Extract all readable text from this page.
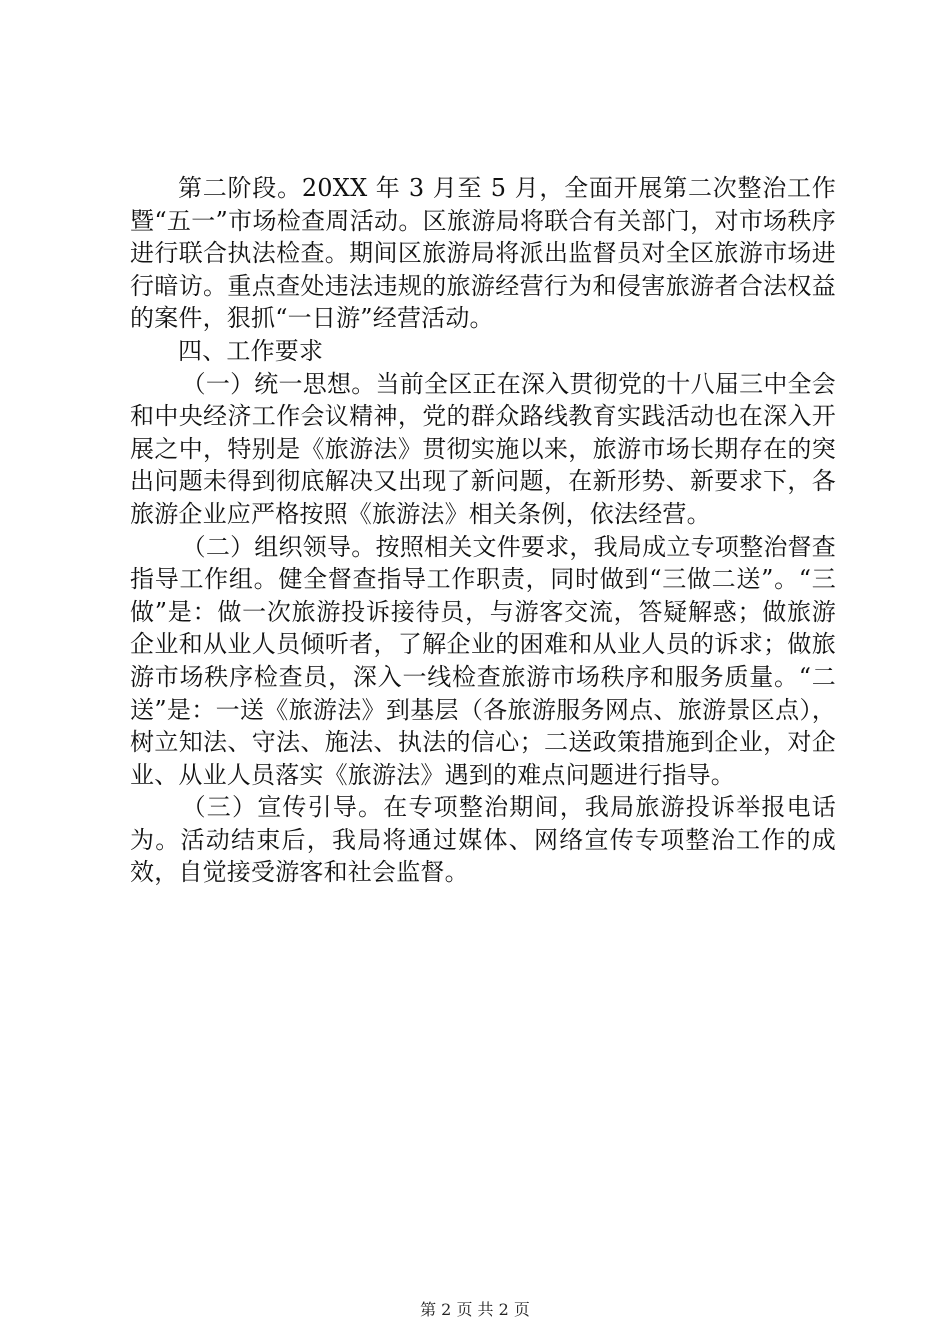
第二阶段。20XX 年 3 月至 5 月，全面开展第二次整治工作暨“五一”市场检查周活动。区旅游局将联合有关部门，对市场秩序进行联合执法检查。期间区旅游局将派出监督员对全区旅游市场进行暗访。重点查处违法违规的旅游经营行为和侵害旅游者合法权益的案件，狠抓“一日游”经营活动。

四、工作要求

（一）统一思想。当前全区正在深入贯彻党的十八届三中全会和中央经济工作会议精神，党的群众路线教育实践活动也在深入开展之中，特别是《旅游法》贯彻实施以来，旅游市场长期存在的突出问题未得到彻底解决又出现了新问题，在新形势、新要求下，各旅游企业应严格按照《旅游法》相关条例，依法经营。

（二）组织领导。按照相关文件要求，我局成立专项整治督查指导工作组。健全督查指导工作职责，同时做到“三做二送”。“三做”是：做一次旅游投诉接待员，与游客交流，答疑解惑；做旅游企业和从业人员倾听者，了解企业的困难和从业人员的诉求；做旅游市场秩序检查员，深入一线检查旅游市场秩序和服务质量。“二送”是：一送《旅游法》到基层（各旅游服务网点、旅游景区点），树立知法、守法、施法、执法的信心；二送政策措施到企业，对企业、从业人员落实《旅游法》遇到的难点问题进行指导。

（三）宣传引导。在专项整治期间，我局旅游投诉举报电话为。活动结束后，我局将通过媒体、网络宣传专项整治工作的成效，自觉接受游客和社会监督。

第 2 页 共 2 页
